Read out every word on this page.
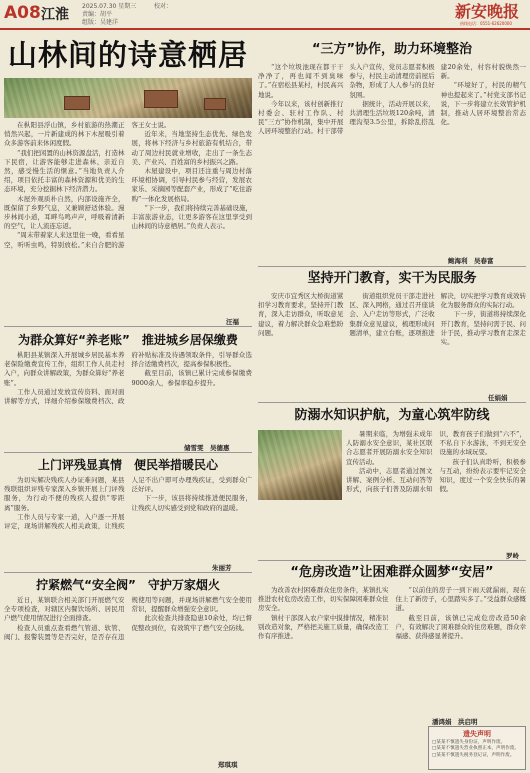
A08 江淮
2025.07.30 星期三
责编：胡平
组版：吴建洋
校对：	新安晚报
热线电话：0551-62620000
山林间的诗意栖居

在枞阳县浮山镇，乡村旅游的热潮正悄然兴起，一片新建成的林下木屋吸引着众多游客前来休闲度假。

“我们把闲置的山林资源盘活，打造林下民宿，让游客能够走进森林、亲近自然，感受慢生活的惬意。”当地负责人介绍，项目依托丰富的森林资源和优美的生态环境，充分挖掘林下经济潜力。

木屋外观质朴自然，内部设施齐全，既保留了乡野气息，又兼顾舒适体验。漫步林间小道，耳畔鸟鸣声声，呼吸着清新的空气，让人流连忘返。

“周末带着家人来这里住一晚，看看星空，听听虫鸣，特别放松。”来自合肥的游客王女士说。

近年来，当地坚持生态优先、绿色发展，将林下经济与乡村旅游有机结合，带动了周边村民就业增收，走出了一条生态美、产业兴、百姓富的乡村振兴之路。

木屋建设中，项目还注重与周边村落环境相协调，引导村民参与经营，发展农家乐、采摘园等配套产业，形成了“吃住游购”一体化发展格局。

“下一步，我们将持续完善基础设施，丰富旅游业态，让更多游客在这里享受到山林间的诗意栖居。”负责人表示。

汪福
“三方”协作，助力环境整治

“这个垃圾池现在都干干净净了，再也闻不到臭味了。”在宿松县某村，村民高兴地说。

今年以来，该村创新推行村委会、驻村工作队、村民“三方”协作机制，集中开展人居环境整治行动。村干部带头入户宣传，党员志愿者积极参与，村民主动清理房前屋后杂物，形成了人人参与的良好氛围。

据统计，活动开展以来，共清理生活垃圾120余吨，清理沟渠3.5公里，拆除乱搭乱建20余处，村容村貌焕然一新。

“环境好了，村民的精气神也提起来了。”村党支部书记说，下一步将建立长效管护机制，推动人居环境整治常态化。

鲍海利　吴春富
坚持开门教育，实干为民服务

安庆市宜秀区大桥街道紧扣学习教育要求，坚持开门教育，深入走访群众，听取意见建议，着力解决群众急难愁盼问题。

街道组织党员干部走进社区、深入网格，通过召开座谈会、入户走访等形式，广泛收集群众意见建议，梳理形成问题清单，建立台账，逐项推进解决，切实把学习教育成效转化为服务群众的实际行动。

下一步，街道将持续深化开门教育，坚持问需于民、问计于民，推动学习教育走深走实。

任娟娟
为群众算好“养老账”　推进城乡居保缴费

枞阳县某镇深入开展城乡居民基本养老保险缴费宣传工作，组织工作人员走村入户，向群众讲解政策，为群众算好“养老账”。

工作人员通过发放宣传资料、面对面讲解等方式，详细介绍参保缴费档次、政府补贴标准及待遇领取条件，引导群众选择合适缴费档次，提高参保积极性。

截至目前，该镇已累计完成参保缴费9000余人，参保率稳步提升。

储雪雯　吴德惠
上门评残显真情　便民举措暖民心

为切实解决残疾人办证难问题，某县残联组织评残专家深入乡镇开展上门评残服务，为行动不便的残疾人提供“零距离”服务。

工作人员与专家一道，入户逐一开展评定，现场讲解残疾人相关政策，让残疾人足不出户即可办理残疾证，受到群众广泛好评。

下一步，该县将持续推进便民服务，让残疾人切实感受到党和政府的温暖。

朱丽芳
拧紧燃气“安全阀”　守护万家烟火

近日，某镇联合相关部门开展燃气安全专项检查，对辖区内餐饮场所、居民用户燃气使用情况进行全面排查。

检查人员重点查看燃气管道、软管、阀门、报警装置等是否完好，是否存在违规使用等问题，并现场讲解燃气安全使用常识，提醒群众增强安全意识。

此次检查共排查隐患10余处，均已督促整改到位，有效筑牢了燃气安全防线。

郑琪琪
防溺水知识护航，为童心筑牢防线

暑期来临，为增强未成年人防溺水安全意识，某社区联合志愿者开展防溺水安全知识宣传活动。

活动中，志愿者通过图文讲解、案例分析、互动问答等形式，向孩子们普及防溺水知识，教育孩子们做到“六不”，不私自下水游泳，不到无安全设施的水域玩耍。

孩子们认真聆听，积极参与互动，纷纷表示要牢记安全知识，度过一个安全快乐的暑假。

罗岭
“危房改造”让困难群众圆梦“安居”

为改善农村困难群众住房条件，某镇扎实推进农村危房改造工作，切实保障困难群众住房安全。

镇村干部深入农户家中摸排情况，精准识别改造对象，严格把关施工质量，确保改造工作有序推进。

“以前住的房子一到下雨天就漏雨，现在住上了新房子，心里踏实多了。”受益群众感慨道。

截至目前，该镇已完成危房改造50余户，有效解决了困难群众的住房难题，群众幸福感、获得感显著提升。

潘鸿娟　洪启明
遗失声明
□某某不慎遗失身份证，声明作废。
□某某不慎遗失营业执照正本，声明作废。
□某某不慎遗失税务登记证，声明作废。
